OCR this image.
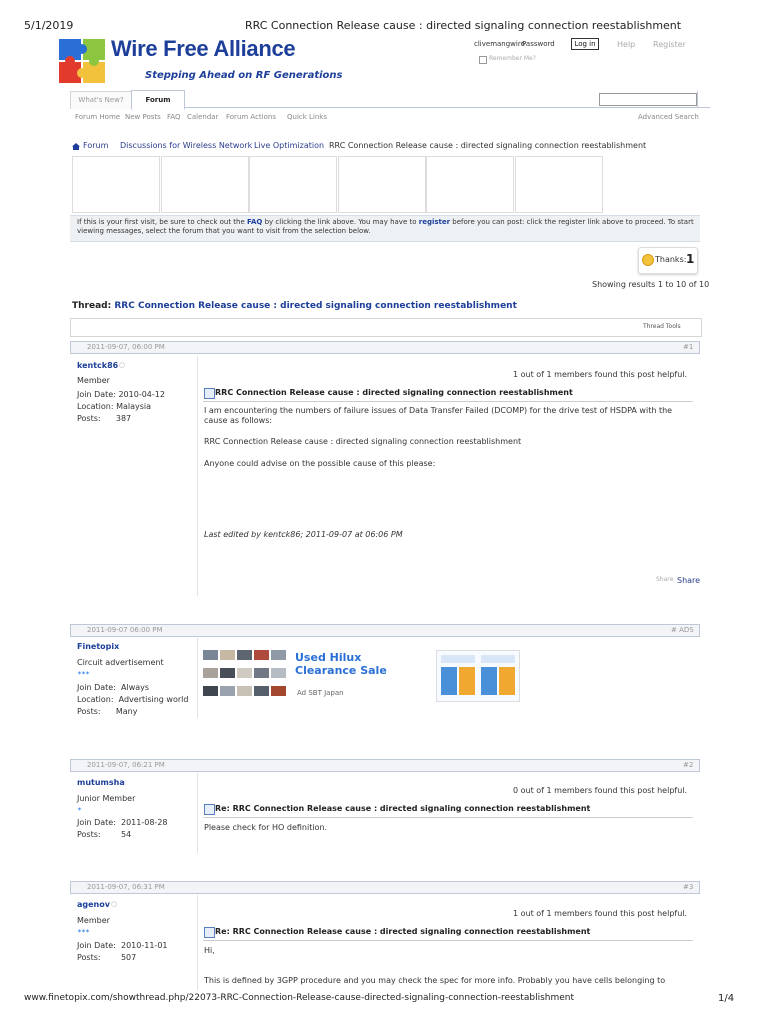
5/1/2019	RRC Connection Release cause : directed signaling connection reestablishment
Wire Free Alliance
Stepping Ahead on RF Generations
clivemangwiro
Password	Log in	Help Register
Remember Me?
What's New?	Forum
Forum Home New Posts FAQ Calendar Forum Actions Quick Links	Advanced Search
Forum Discussions for Wireless Network Live Optimization RRC Connection Release cause : directed signaling connection reestablishment
If this is your first visit, be sure to check out the FAQ by clicking the link above. You may have to register before you can post: click the register link above to proceed. To start viewing messages, select the forum that you want to visit from the selection below.
Thanks: 1
Showing results 1 to 10 of 10
Thread: RRC Connection Release cause : directed signaling connection reestablishment
Thread Tools
2011-09-07, 06:00 PM	#1
kentck86 ○
Member
Join Date: 2010-04-12
Location: Malaysia
Posts: 387
1 out of 1 members found this post helpful.
RRC Connection Release cause : directed signaling connection reestablishment
I am encountering the numbers of failure issues of Data Transfer Failed (DCOMP) for the drive test of HSDPA with the cause as follows:
RRC Connection Release cause : directed signaling connection reestablishment
Anyone could advise on the possible cause of this please:
Last edited by kentck86; 2011-09-07 at 06:06 PM
Share Share
2011-09-07 06:00 PM	# ADS
Finetopix
Circuit advertisement
✶✶✶
Join Date: Always
Location: Advertising world
Posts: Many
Used Hilux Clearance Sale
Ad SBT Japan
2011-09-07, 06:21 PM	#2
mutumsha
Junior Member
✶
Join Date: 2011-08-28
Posts:	54
0 out of 1 members found this post helpful.
Re: RRC Connection Release cause : directed signaling connection reestablishment
Please check for HO definition.
2011-09-07, 06:31 PM	#3
agenov ○
Member
✶✶✶
Join Date: 2010-11-01
Posts:	507
1 out of 1 members found this post helpful.
Re: RRC Connection Release cause : directed signaling connection reestablishment
Hi,
This is defined by 3GPP procedure and you may check the spec for more info. Probably you have cells belonging to
www.finetopix.com/showthread.php/22073-RRC-Connection-Release-cause-directed-signaling-connection-reestablishment	1/4
